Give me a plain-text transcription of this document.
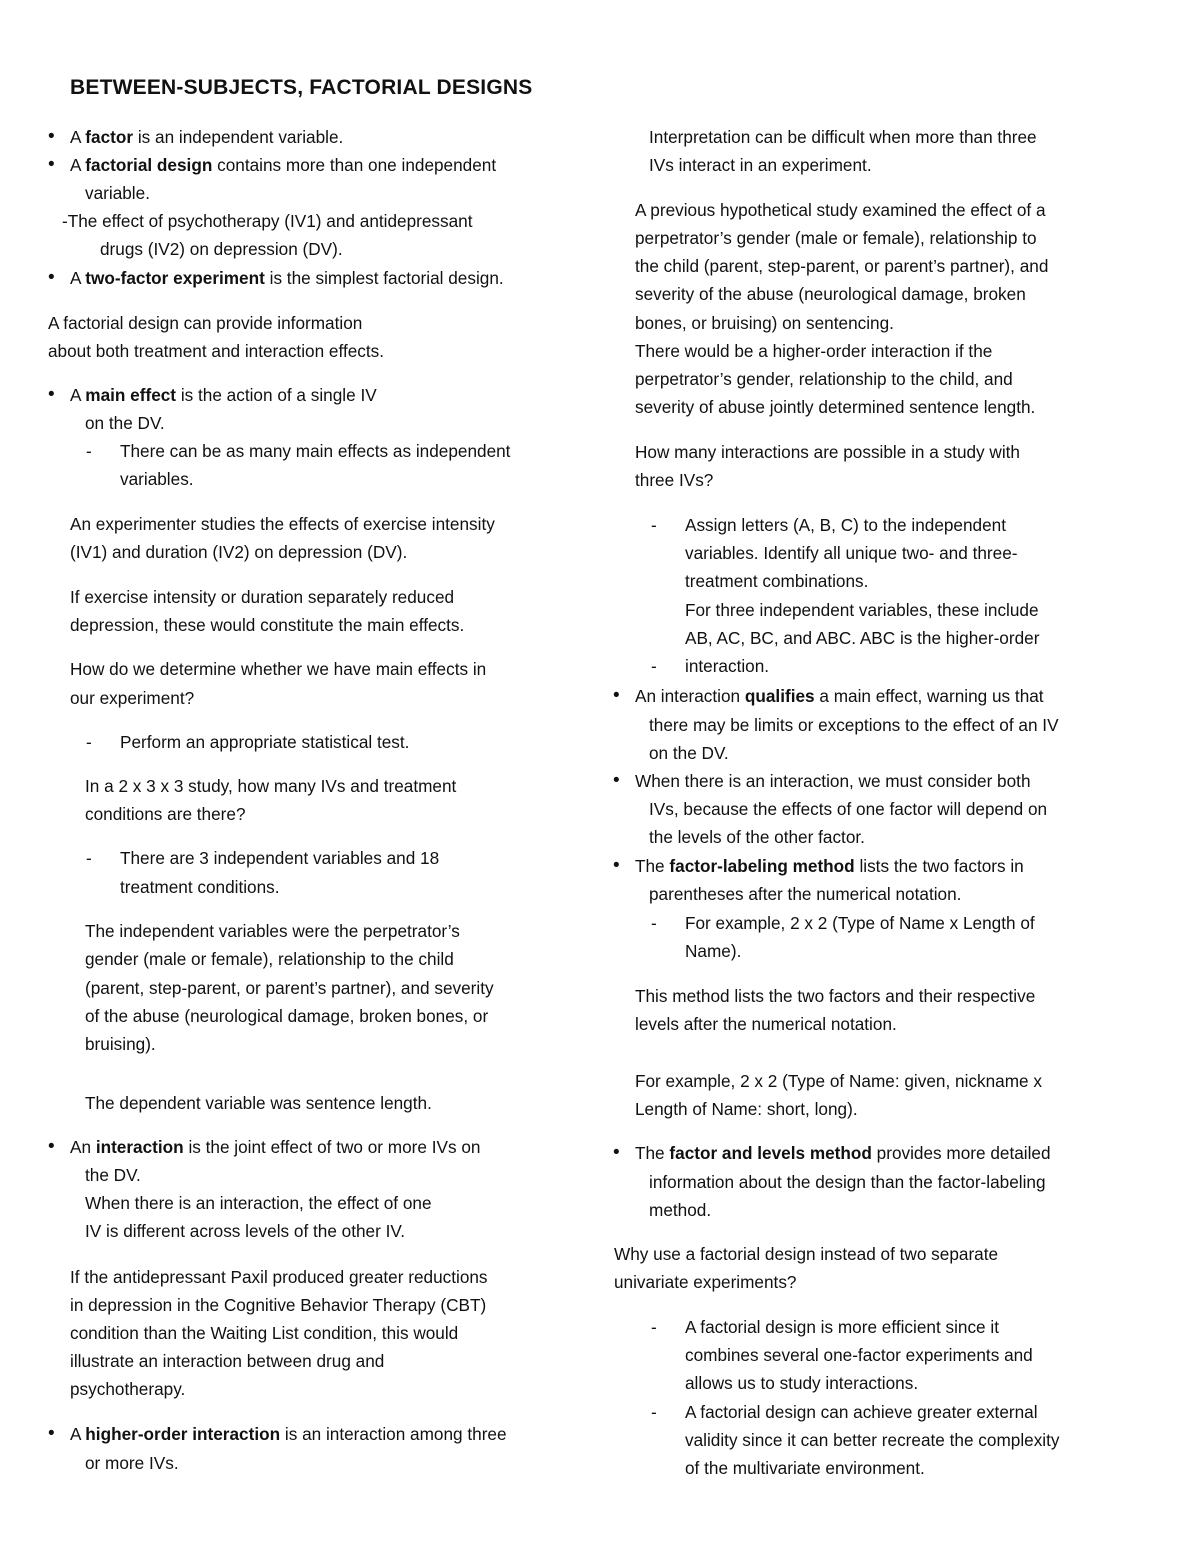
BETWEEN-SUBJECTS, FACTORIAL DESIGNS
• A factor is an independent variable.
• A factorial design contains more than one independent
variable.
-The effect of psychotherapy (IV1) and antidepressant
drugs (IV2) on depression (DV).
• A two-factor experiment is the simplest factorial design.
A factorial design can provide information
about both treatment and interaction effects.
• A main effect is the action of a single IV
on the DV.
- There can be as many main effects as independent
variables.
An experimenter studies the effects of exercise intensity
(IV1) and duration (IV2) on depression (DV).
If exercise intensity or duration separately reduced
depression, these would constitute the main effects.
How do we determine whether we have main effects in
our experiment?
- Perform an appropriate statistical test.
In a 2 x 3 x 3 study, how many IVs and treatment
conditions are there?
- There are 3 independent variables and 18
treatment conditions.
The independent variables were the perpetrator’s
gender (male or female), relationship to the child
(parent, step-parent, or parent’s partner), and severity
of the abuse (neurological damage, broken bones, or
bruising).
The dependent variable was sentence length.
• An interaction is the joint effect of two or more IVs on
the DV.
When there is an interaction, the effect of one
IV is different across levels of the other IV.
If the antidepressant Paxil produced greater reductions
in depression in the Cognitive Behavior Therapy (CBT)
condition than the Waiting List condition, this would
illustrate an interaction between drug and
psychotherapy.
• A higher-order interaction is an interaction among three
or more IVs.
Interpretation can be difficult when more than three
IVs interact in an experiment.
A previous hypothetical study examined the effect of a
perpetrator’s gender (male or female), relationship to
the child (parent, step-parent, or parent’s partner), and
severity of the abuse (neurological damage, broken
bones, or bruising) on sentencing.
There would be a higher-order interaction if the
perpetrator’s gender, relationship to the child, and
severity of abuse jointly determined sentence length.
How many interactions are possible in a study with
three IVs?
- Assign letters (A, B, C) to the independent
variables. Identify all unique two- and three-
treatment combinations.
For three independent variables, these include
AB, AC, BC, and ABC. ABC is the higher-order
- interaction.
• An interaction qualifies a main effect, warning us that
there may be limits or exceptions to the effect of an IV
on the DV.
• When there is an interaction, we must consider both
IVs, because the effects of one factor will depend on
the levels of the other factor.
• The factor-labeling method lists the two factors in
parentheses after the numerical notation.
- For example, 2 x 2 (Type of Name x Length of
Name).
This method lists the two factors and their respective
levels after the numerical notation.
For example, 2 x 2 (Type of Name: given, nickname x
Length of Name: short, long).
• The factor and levels method provides more detailed
information about the design than the factor-labeling
method.
Why use a factorial design instead of two separate
univariate experiments?
- A factorial design is more efficient since it
combines several one-factor experiments and
allows us to study interactions.
- A factorial design can achieve greater external
validity since it can better recreate the complexity
of the multivariate environment.
